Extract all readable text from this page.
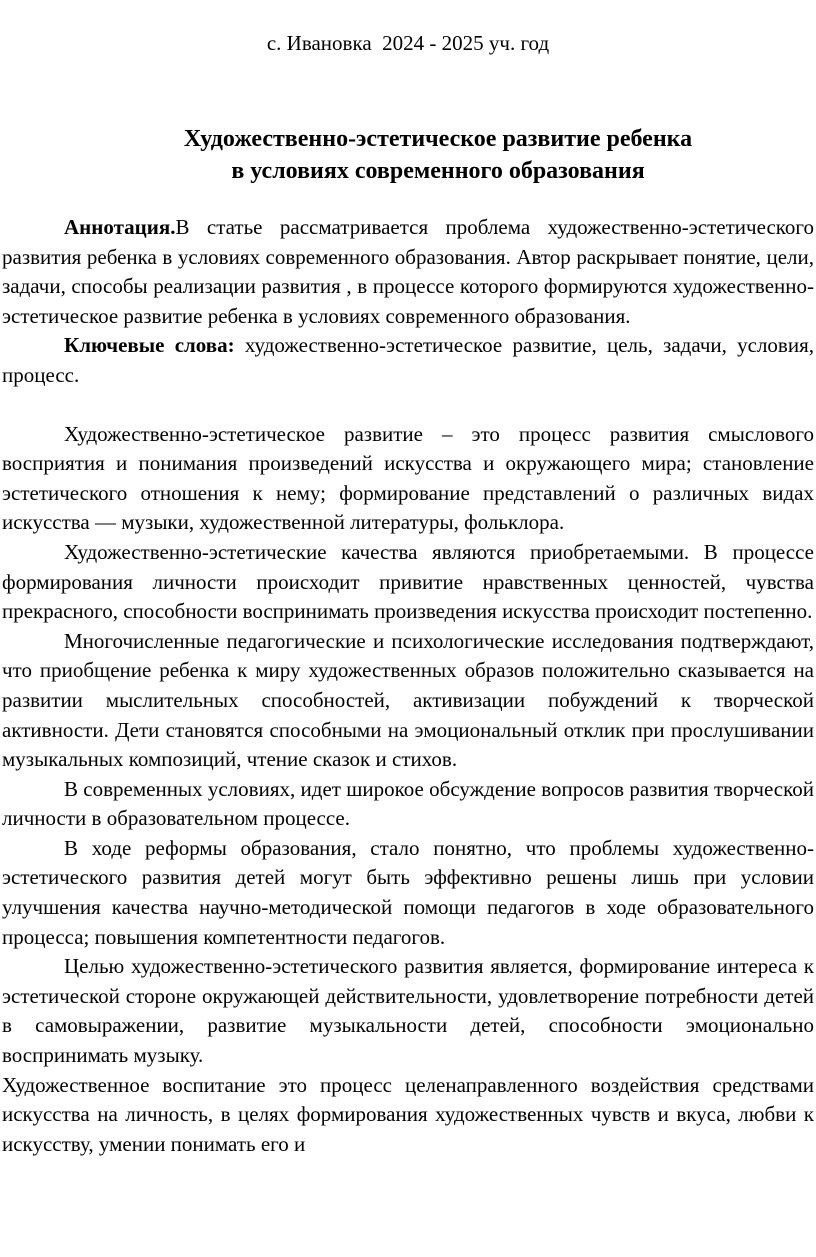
с. Ивановка  2024 - 2025 уч. год
Художественно-эстетическое развитие ребенка
в условиях современного образования

Аннотация.В статье рассматривается проблема художественно-эстетического развития ребенка в условиях современного образования. Автор раскрывает понятие, цели, задачи, способы реализации развития , в процессе которого формируются художественно-эстетическое развитие ребенка в условиях современного образования.

Ключевые слова: художественно-эстетическое развитие, цель, задачи, условия, процесс.

Художественно-эстетическое развитие – это процесс развития смыслового восприятия и понимания произведений искусства и окружающего мира; становление эстетического отношения к нему; формирование представлений о различных видах искусства — музыки, художественной литературы, фольклора.

Художественно-эстетические качества являются приобретаемыми. В процессе формирования личности происходит привитие нравственных ценностей, чувства прекрасного, способности воспринимать произведения искусства происходит постепенно.

Многочисленные педагогические и психологические исследования подтверждают, что приобщение ребенка к миру художественных образов положительно сказывается на развитии мыслительных способностей, активизации побуждений к творческой активности. Дети становятся способными на эмоциональный отклик при прослушивании музыкальных композиций, чтение сказок и стихов.

В современных условиях, идет широкое обсуждение вопросов развития творческой личности в образовательном процессе.

В ходе реформы образования, стало понятно, что проблемы художественно-эстетического развития детей могут быть эффективно решены лишь при условии улучшения качества научно-методической помощи педагогов в ходе образовательного процесса; повышения компетентности педагогов.

Целью художественно-эстетического развития является, формирование интереса к эстетической стороне окружающей действительности, удовлетворение потребности детей в самовыражении, развитие музыкальности детей, способности эмоционально воспринимать музыку.

Художественное воспитание это процесс целенаправленного воздействия средствами искусства на личность, в целях формирования художественных чувств и вкуса, любви к искусству, умении понимать его и
